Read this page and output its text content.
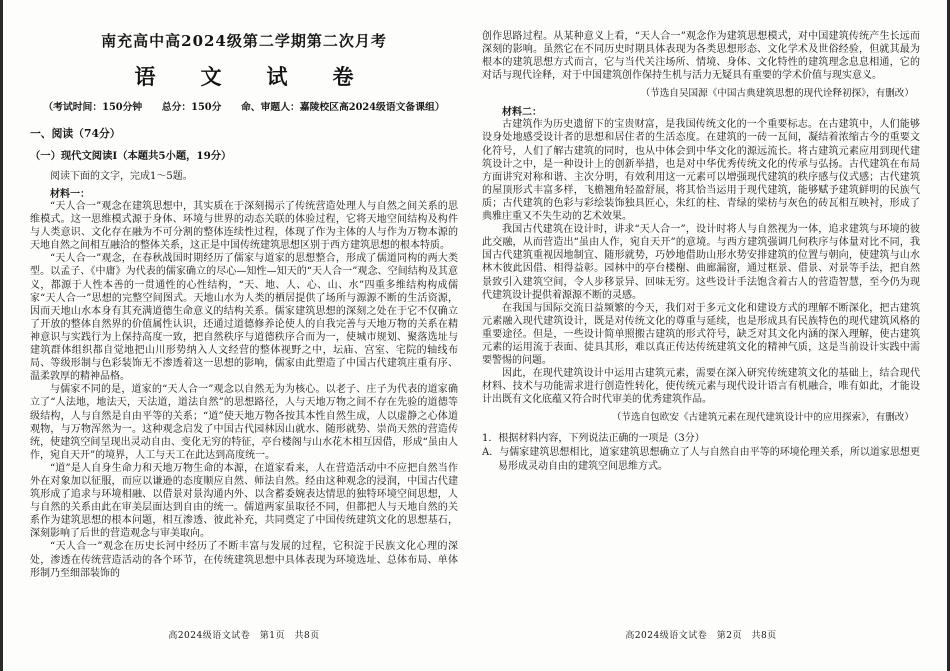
南充高中高2024级第二学期第二次月考
语　文　试　卷
（考试时间：150分钟　　总分：150分　　命、审题人：嘉陵校区高2024级语文备课组）
一、阅读（74分）
（一）现代文阅读Ⅰ（本题共5小题，19分）
阅读下面的文字，完成1～5题。
材料一：

“天人合一”观念在建筑思想中，其实质在于深刻揭示了传统营造处理人与自然之间关系的思维模式。这一思维模式源于身体、环境与世界的动态关联的体验过程，它将天地空间结构及构件与人类意识、文化存在融为不可分割的整体连续性过程，体现了作为主体的人与作为万物本源的天地自然之间相互融洽的整体关系，这正是中国传统建筑思想区别于西方建筑思想的根本特质。

“天人合一”观念，在春秋战国时期经历了儒家与道家的思想整合，形成了儒道同构的两大类型。以孟子、《中庸》为代表的儒家确立的尽心—知性—知天的“天人合一”观念、空间结构及其意义，都源于人性本善的一贯通性的心性结构，“天、地、人、心、山、水”四重多维结构构成儒家“天人合一”思想的完整空间图式。天地山水为人类的栖居提供了场所与源源不断的生活资源，因而天地山水本身有其充满道德生命意义的结构关系。儒家建筑思想的深刻之处在于它不仅确立了开放的整体自然界的价值属性认识，还通过道德修养论使人的自我完善与天地万物的关系在精神意识与实践行为上保持高度一致，把自然秩序与道德秩序合而为一，使城市规划、聚落选址与建筑群体组织都自觉地把山川形势纳入人文经营的整体视野之中，坛庙、宫室、宅院的轴线布局、等级形制与色彩装饰无不渗透着这一思想的影响，儒家由此塑造了中国古代建筑庄重有序、温柔敦厚的精神品格。

与儒家不同的是，道家的“天人合一”观念以自然无为为核心。以老子、庄子为代表的道家确立了“人法地，地法天，天法道，道法自然”的思想路径，人与天地万物之间不存在先验的道德等级结构，人与自然是自由平等的关系；“道”使天地万物各按其本性自然生成，人以虚静之心体道观物，与万物浑然为一。这种观念启发了中国古代园林因山就水、随形就势、崇尚天然的营造传统，使建筑空间呈现出灵动自由、变化无穷的特征，亭台楼阁与山水花木相互因借，形成“虽由人作，宛自天开”的境界，人工与天工在此达到高度统一。

“道”是人自身生命力和天地万物生命的本源，在道家看来，人在营造活动中不应把自然当作外在对象加以征服，而应以谦逊的态度顺应自然、师法自然。经由这种观念的浸润，中国古代建筑形成了追求与环境相融、以借景对景沟通内外、以含蓄委婉表达情思的独特环境空间思想，人与自然的关系由此在审美层面达到自由的统一。儒道两家虽取径不同，但都把人与天地自然的关系作为建筑思想的根本问题，相互渗透、彼此补充，共同奠定了中国传统建筑文化的思想基石，深刻影响了后世的营造观念与审美取向。

“天人合一”观念在历史长河中经历了不断丰富与发展的过程，它积淀于民族文化心理的深处，渗透在传统营造活动的各个环节，在传统建筑思想中具体表现为环境选址、总体布局、单体形制乃至细部装饰的

高2024级语文试卷　第1页　共8页

创作思路过程。从某种意义上看，“天人合一”观念作为建筑思想模式，对中国建筑传统产生长远而深刻的影响。虽然它在不同历史时期具体表现为各类思想形态、文化学术及世俗经验，但就其最为根本的建筑思想方式而言，它与当代关注场所、情境、身体、文化特性的建筑理念息息相通，它的对话与现代诠释，对于中国建筑创作保持生机与活力无疑具有重要的学术价值与现实意义。

（节选自吴国源《中国古典建筑思想的现代诠释初探》，有删改）
材料二：

古建筑作为历史遗留下的宝贵财富，是我国传统文化的一个重要标志。在古建筑中，人们能够设身处地感受设计者的思想和居住者的生活态度。在建筑的一砖一瓦间，凝结着浓缩古今的重要文化符号，人们了解古建筑的同时，也从中体会到中华文化的源远流长。将古建筑元素应用到现代建筑设计之中，是一种设计上的创新举措，也是对中华优秀传统文化的传承与弘扬。古代建筑在布局方面讲究对称和谐、主次分明，有效利用这一元素可以增强现代建筑的秩序感与仪式感；古代建筑的屋顶形式丰富多样，飞檐翘角轻盈舒展，将其恰当运用于现代建筑，能够赋予建筑鲜明的民族气质；古代建筑的色彩与彩绘装饰独具匠心，朱红的柱、青绿的梁枋与灰色的砖瓦相互映衬，形成了典雅庄重又不失生动的艺术效果。

我国古代建筑在设计时，讲求“天人合一”，设计时将人与自然视为一体，追求建筑与环境的彼此交融，从而营造出“虽由人作，宛自天开”的意境。与西方建筑强调几何秩序与体量对比不同，我国古代建筑重视因地制宜、随形就势，巧妙地借助山形水势安排建筑的位置与朝向，使建筑与山水林木彼此因借、相得益彰。园林中的亭台楼榭、曲廊漏窗，通过框景、借景、对景等手法，把自然景致引入建筑空间，令人步移景异、回味无穷。这些设计手法饱含着古人的营造智慧，至今仍为现代建筑设计提供着源源不断的灵感。

在我国与国际交流日益频繁的今天，我们对于多元文化和建设方式的理解不断深化，把古建筑元素融入现代建筑设计，既是对传统文化的尊重与延续，也是形成具有民族特色的现代建筑风格的重要途径。但是，一些设计简单照搬古建筑的形式符号，缺乏对其文化内涵的深入理解，使古建筑元素的运用流于表面、徒具其形，难以真正传达传统建筑文化的精神气质，这是当前设计实践中需要警惕的问题。

因此，在现代建筑设计中运用古建筑元素，需要在深入研究传统建筑文化的基础上，结合现代材料、技术与功能需求进行创造性转化，使传统元素与现代设计语言有机融合，唯有如此，才能设计出既有文化底蕴又符合时代审美的优秀建筑作品。

（节选自包欧安《古建筑元素在现代建筑设计中的应用探索》，有删改）
1．根据材料内容，下列说法正确的一项是（3分）
A．与儒家建筑思想相比，道家建筑思想确立了人与自然自由平等的环境伦理关系，所以道家思想更易形成灵动自由的建筑空间思维方式。
高2024级语文试卷　第2页　共8页
